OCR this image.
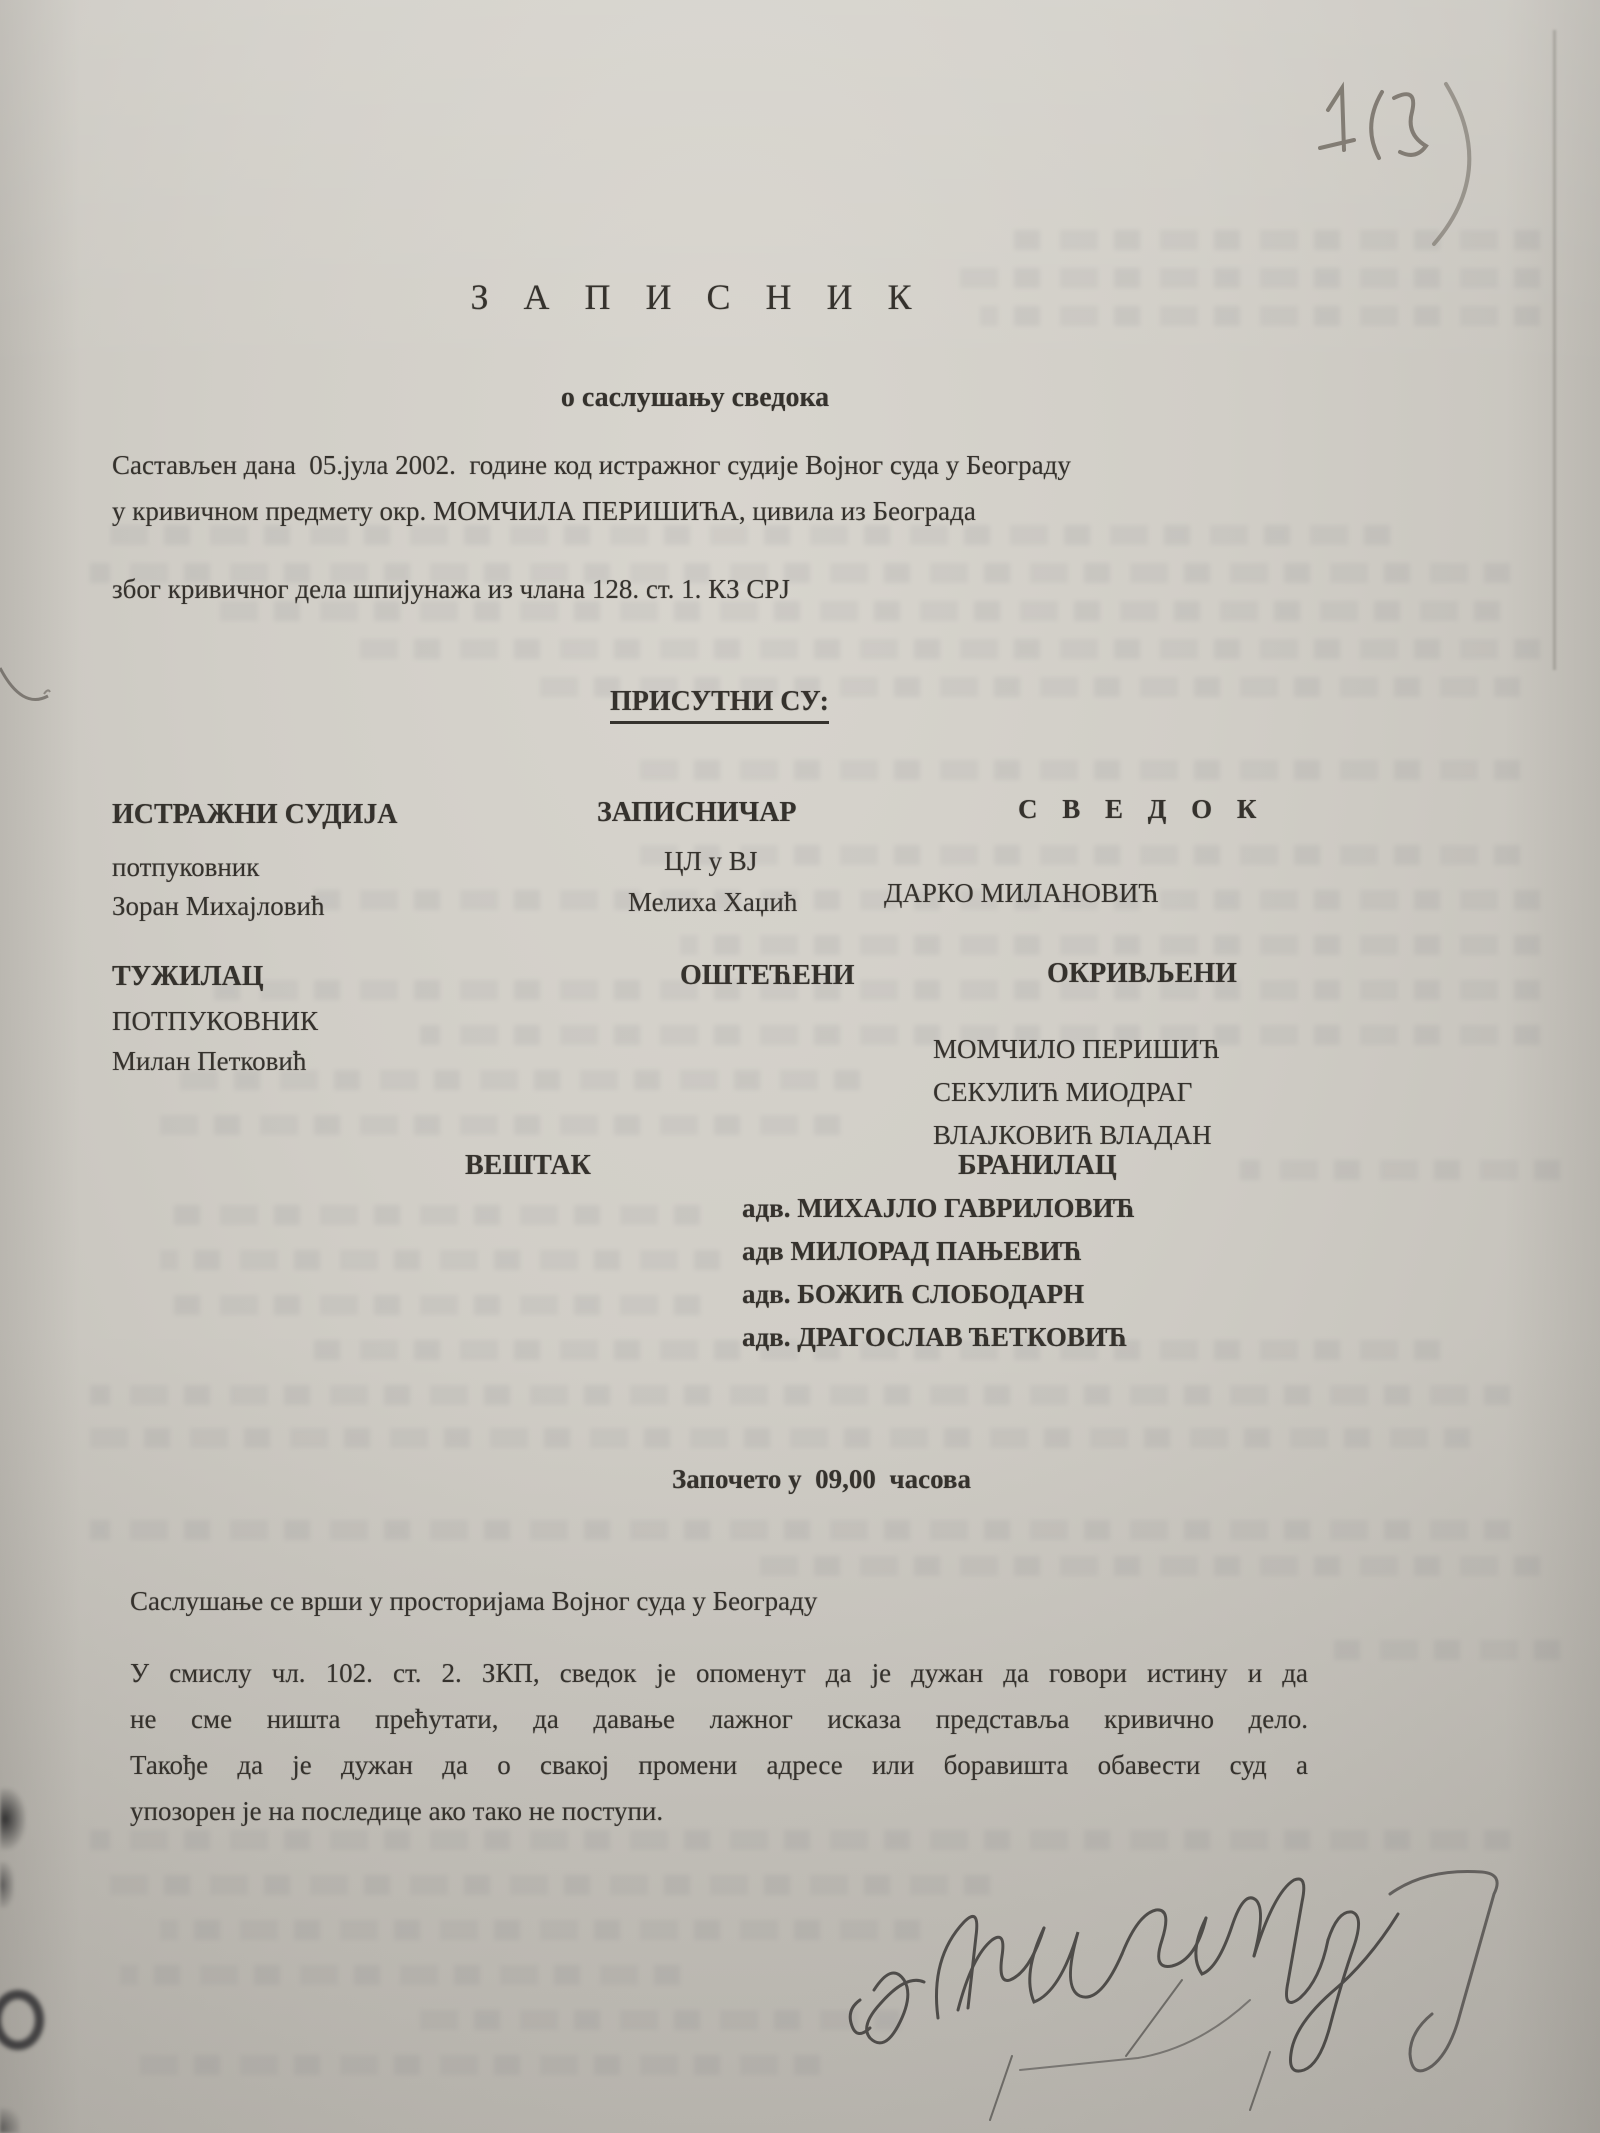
З А П И С Н И К
о саслушању сведока
Састављен дана  05.јула 2002.  године код истражног судије Војног суда у Београду
у кривичном предмету окр. МОМЧИЛА ПЕРИШИЋА, цивила из Београда
због кривичног дела шпијунажа из члана 128. ст. 1. КЗ СРЈ
ПРИСУТНИ СУ:
ИСТРАЖНИ СУДИЈА
потпуковник
Зоран Михајловић
ЗАПИСНИЧАР
ЦЛ у ВЈ
Мелиха Хаџић
С В Е Д О К
ДАРКО МИЛАНОВИЋ
ТУЖИЛАЦ
ПОТПУКОВНИК
Милан Петковић
ОШТЕЋЕНИ	ОКРИВЉЕНИ
МОМЧИЛО ПЕРИШИЋ
СЕКУЛИЋ МИОДРАГ
ВЛАЈКОВИЋ ВЛАДАН
ВЕШТАК	БРАНИЛАЦ
адв. МИХАЈЛО ГАВРИЛОВИЋ
адв МИЛОРАД ПАЊЕВИЋ
адв. БОЖИЋ СЛОБОДАРН
адв. ДРАГОСЛАВ ЋЕТКОВИЋ
Започето у  09,00  часова
Саслушање се врши у просторијама Војног суда у Београду
У смислу чл. 102. ст. 2. ЗКП, сведок је опоменут да је дужан да говори истину и да
не сме ништа прећутати, да давање лажног исказа представља кривично дело.
Такође да је дужан да о свакој промени адресе или боравишта обавести суд а
упозорен је на последице ако тако не поступи.
